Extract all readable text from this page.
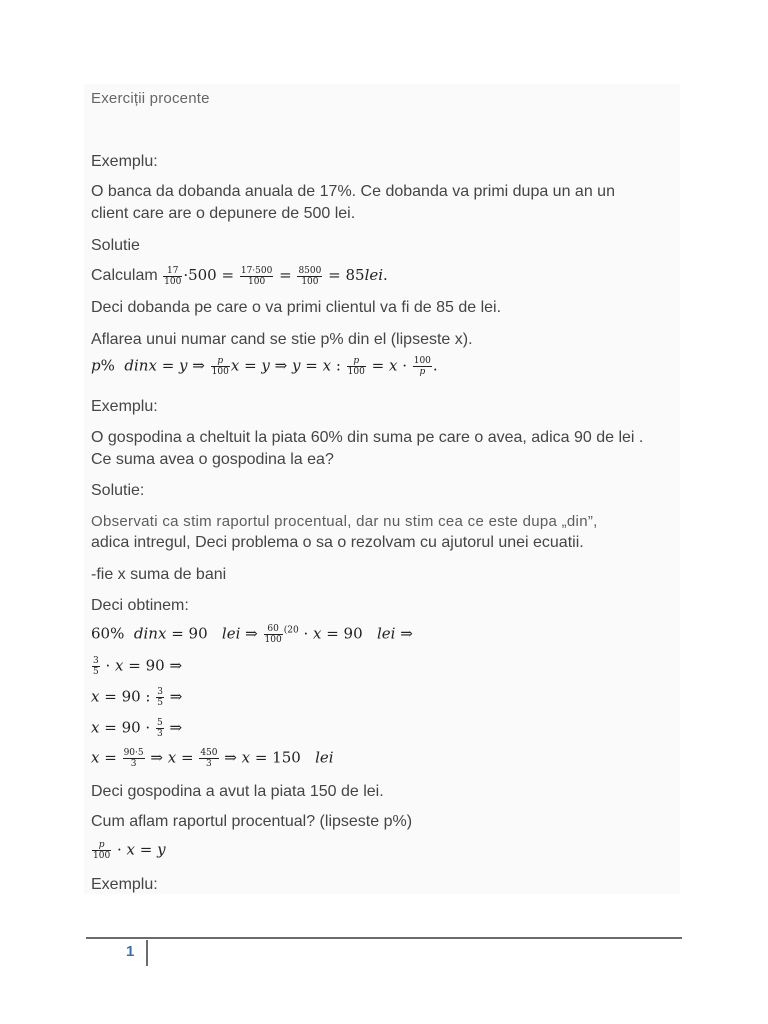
Exerciții procente
Exemplu:
O banca da dobanda anuala de 17%. Ce dobanda va primi dupa un an un
client care are o depunere de 500 lei.
Solutie
Calculam $\frac{17}{100} \cdot 500 = \frac{17\cdot 500}{100} = \frac{8500}{100} = 85lei$.
Deci dobanda pe care o va primi clientul va fi de 85 de lei.
Aflarea unui numar cand se stie p% din el (lipseste x).
p%  dinx = y ⇒ $\frac{p}{100}$ x = y ⇒ y = x : $\frac{p}{100} = x \cdot \frac{100}{p}$ .
Exemplu:
O gospodina a cheltuit la piata 60% din suma pe care o avea, adica 90 de lei .
Ce suma avea o gospodina la ea?
Solutie:
Observati ca stim raportul procentual, dar nu stim cea ce este dupa „din”,
adica intregul, Deci problema o sa o rezolvam cu ajutorul unei ecuatii.
-fie x suma de bani
Deci obtinem:
60%  dinx = 90   lei ⇒ $\frac{60}{100} ^{(20} \cdot x = 90$   lei ⇒
$\frac{3}{5} \cdot x = 90$ ⇒
x = 90 : $\frac{3}{5}$ ⇒
$x = 90 \cdot \frac{5}{3}$ ⇒
$x = \frac{90\cdot 5}{3}$ ⇒ $x = \frac{450}{3}$ ⇒ x = 150   lei
Deci gospodina a avut la piata 150 de lei.
Cum aflam raportul procentual? (lipseste p%)
$\frac{p}{100} \cdot x = y$
Exemplu:
1
